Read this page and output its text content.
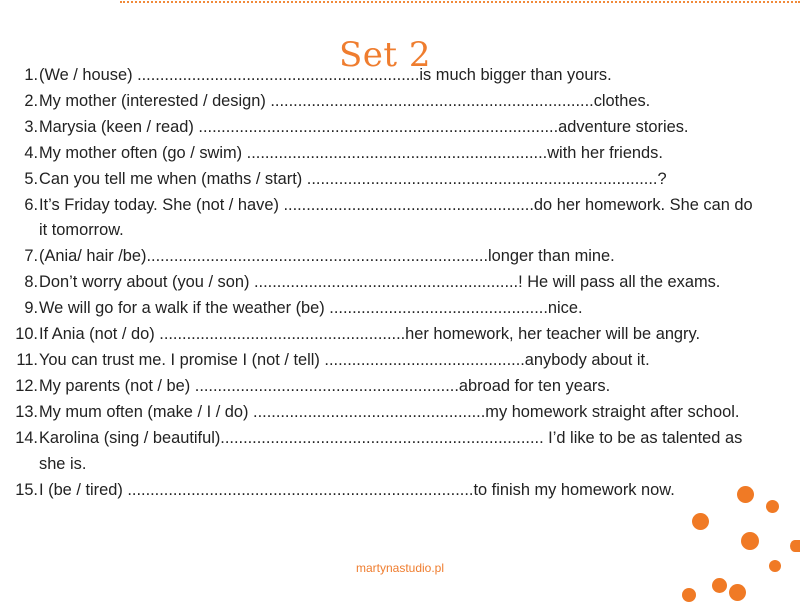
Set 2
1. (We / house) ..............................................................is much bigger than yours.
2. My mother (interested / design) .......................................................................clothes.
3. Marysia (keen / read) ...............................................................................adventure stories.
4. My mother often (go / swim) ..................................................................with her friends.
5. Can you tell me when (maths / start) .............................................................................?
6. It’s Friday today. She (not / have) .......................................................do her homework. She can do it tomorrow.
7. (Ania/ hair /be)...........................................................................longer than mine.
8. Don’t worry about (you / son) ..........................................................! He will pass all the exams.
9. We will go for a walk if the weather (be) ................................................nice.
10. If Ania (not / do) ......................................................her homework, her teacher will be angry.
11. You can trust me. I promise I (not / tell) ............................................anybody about it.
12. My parents (not / be) ..........................................................abroad for ten years.
13. My mum often (make / I / do) ...................................................my homework straight after school.
14. Karolina (sing / beautiful)....................................................................... I’d like to be as talented as she is.
15. I (be / tired) ............................................................................to finish my homework now.
martynastudio.pl
